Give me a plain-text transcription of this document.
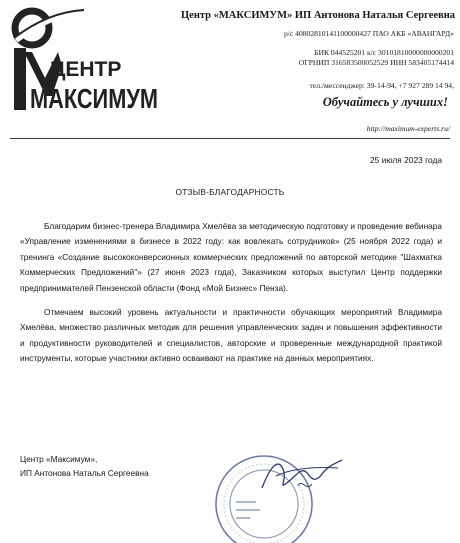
ЦЕНТР
МАКСИМУМ
Центр «МАКСИМУМ» ИП Антонова Наталья Сергеевна
р/с 40802810141100000427 ПАО АКБ «АВАНГАРД»
БИК 044525201 к/с 30101810000000000201
ОГРНИП 316583500052529 ИНН 583405174414
тел./мессенджер: 39-14-94, +7 927 289 14 94,
Обучайтесь у лучших!
http://maximum-experts.ru/
25 июля 2023 года
ОТЗЫВ-БЛАГОДАРНОСТЬ

Благодарим бизнес-тренера Владимира Хмелёва за методическую подготовку и проведение вебинара «Управление изменениями в бизнесе в 2022 году: как вовлекать сотрудников» (25 ноября 2022 года) и тренинга «Создание высококонверсионных коммерческих предложений по авторской методике "Шахматка Коммерческих Предложений"» (27 июня 2023 года), Заказчиком которых выступил Центр поддержки предпринимателей Пензенской области (Фонд «Мой Бизнес» Пенза).

Отмечаем высокий уровень актуальности и практичности обучающих мероприятий Владимира Хмелёва, множество различных методик для решения управленческих задач и повышения эффективности и продуктивности руководителей и специалистов, авторские и проверенные международной практикой инструменты, которые участники активно осваивают на практике на данных мероприятиях.

Центр «Максимум»,
ИП Антонова Наталья Сергеевна
